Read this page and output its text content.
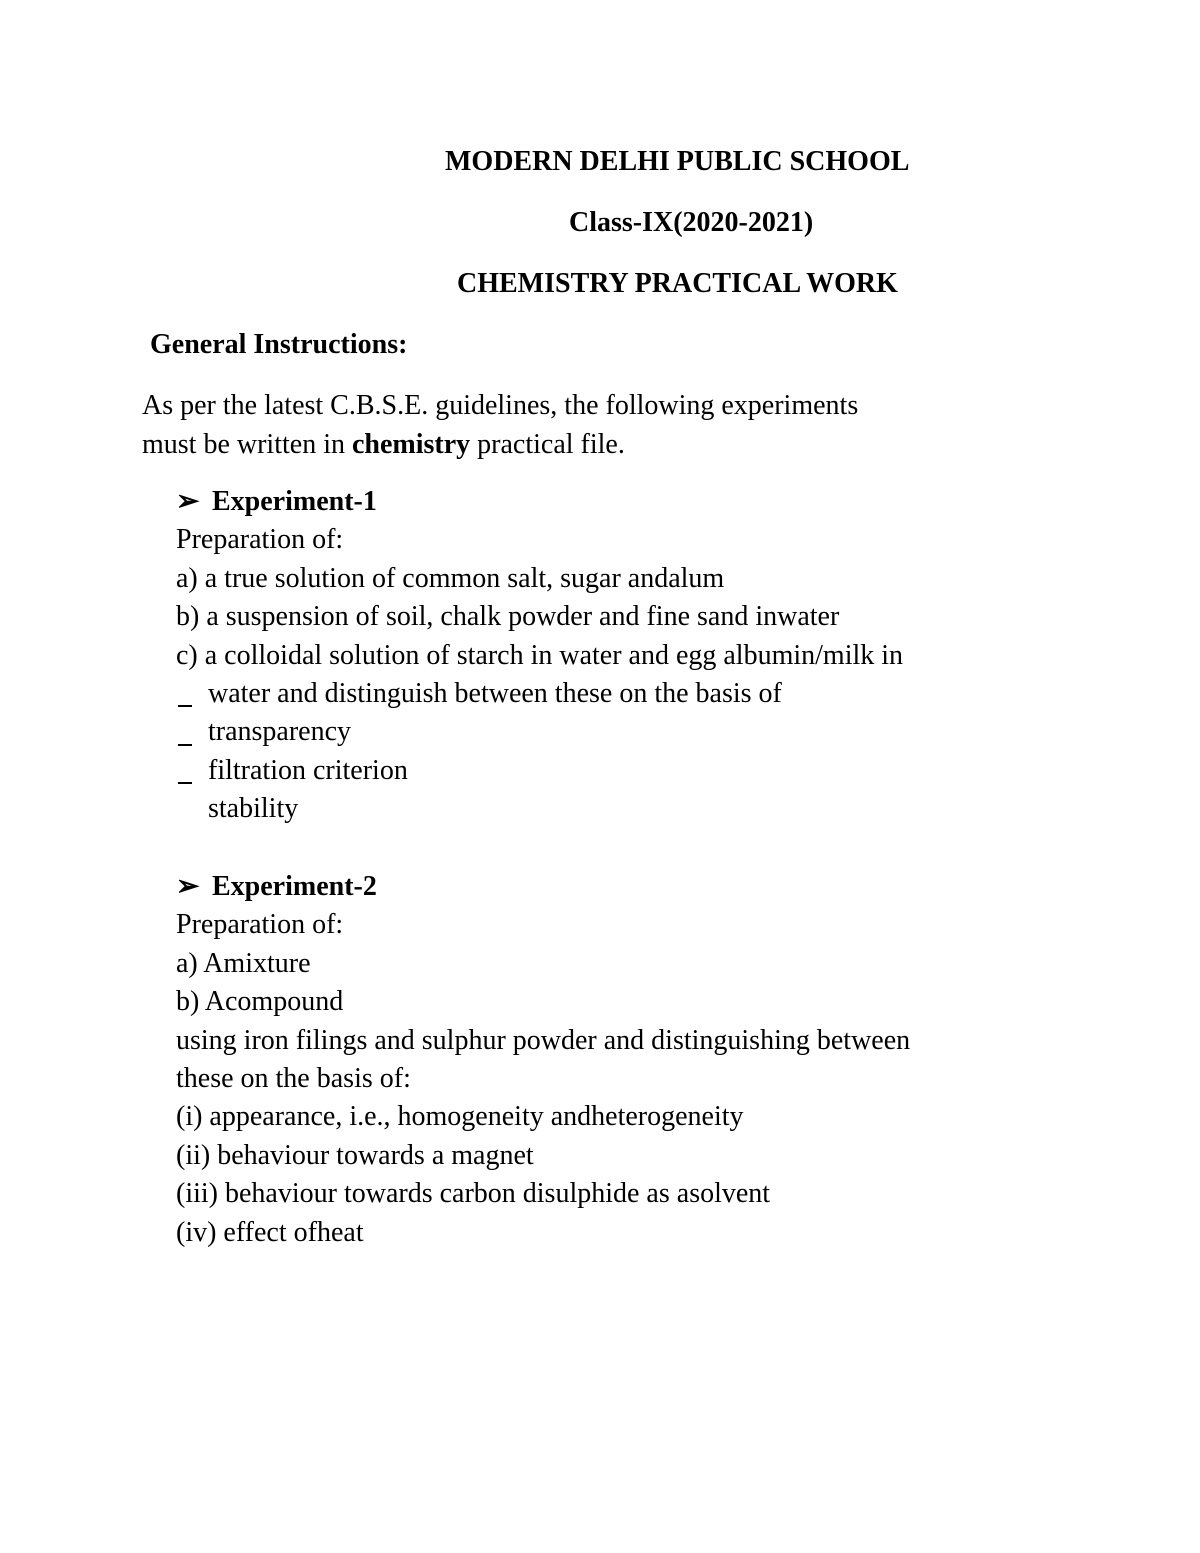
MODERN DELHI PUBLIC SCHOOL
Class-IX(2020-2021)
CHEMISTRY PRACTICAL WORK
General Instructions:
As per the latest C.B.S.E. guidelines, the following experiments
must be written in chemistry practical file.
➢ Experiment-1
Preparation of:
a) a true solution of common salt, sugar andalum
b) a suspension of soil, chalk powder and fine sand inwater
c) a colloidal solution of starch in water and egg albumin/milk in
water and distinguish between these on the basis of
transparency
filtration criterion
stability
➢ Experiment-2
Preparation of:
a) Amixture
b) Acompound
using iron filings and sulphur powder and distinguishing between
these on the basis of:
(i) appearance, i.e., homogeneity andheterogeneity
(ii) behaviour towards a magnet
(iii) behaviour towards carbon disulphide as asolvent
(iv) effect ofheat
